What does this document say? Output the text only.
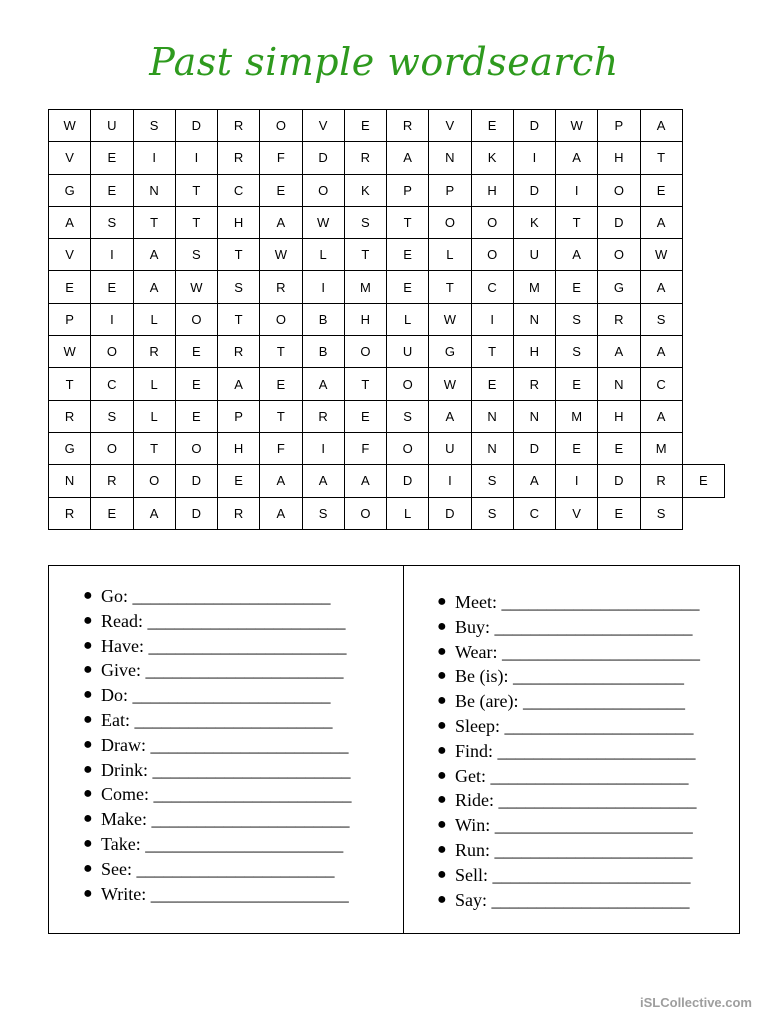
Past simple wordsearch
W	U	S	D	R	O	V	E	R	V	E	D	W	P	A	
V	E	I	I	R	F	D	R	A	N	K	I	A	H	T	
G	E	N	T	C	E	O	K	P	P	H	D	I	O	E	
A	S	T	T	H	A	W	S	T	O	O	K	T	D	A	
V	I	A	S	T	W	L	T	E	L	O	U	A	O	W	
E	E	A	W	S	R	I	M	E	T	C	M	E	G	A	
P	I	L	O	T	O	B	H	L	W	I	N	S	R	S	
W	O	R	E	R	T	B	O	U	G	T	H	S	A	A	
T	C	L	E	A	E	A	T	O	W	E	R	E	N	C	
R	S	L	E	P	T	R	E	S	A	N	N	M	H	A	
G	O	T	O	H	F	I	F	O	U	N	D	E	E	M	
N	R	O	D	E	A	A	A	D	I	S	A	I	D	R	E
R	E	A	D	R	A	S	O	L	D	S	C	V	E	S	
● Go: ______________________
● Read: ______________________
● Have: ______________________
● Give: ______________________
● Do: ______________________
● Eat: ______________________
● Draw: ______________________
● Drink: ______________________
● Come: ______________________
● Make: ______________________
● Take: ______________________
● See: ______________________
● Write: ______________________
● Meet: ______________________
● Buy: ______________________
● Wear: ______________________
● Be (is): ___________________
● Be (are): __________________
● Sleep: _____________________
● Find: ______________________
● Get: ______________________
● Ride: ______________________
● Win: ______________________
● Run: ______________________
● Sell: ______________________
● Say: ______________________
iSLCollective.com
